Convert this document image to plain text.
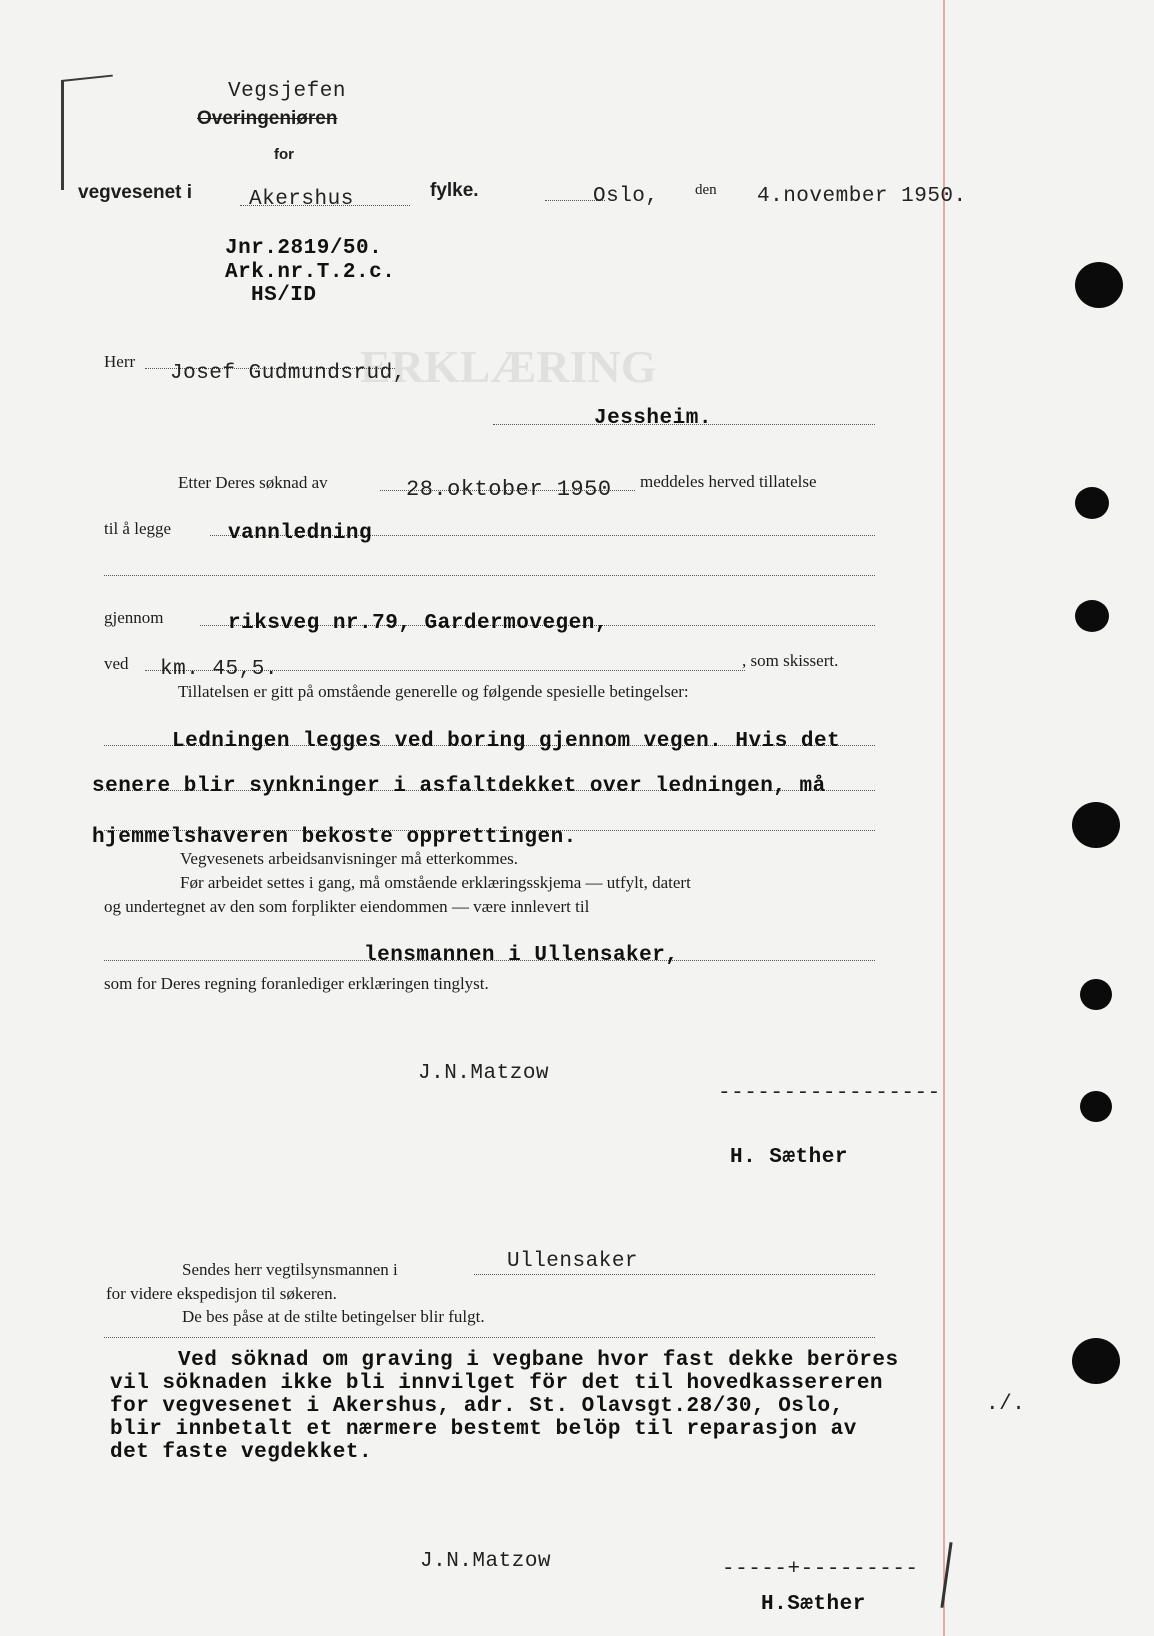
ERKLÆRING
Vegsjefen
Overingeniøren
for
vegvesenet i	Akershus	fylke.	Oslo, den 4.november 1950.
Jnr.2819/50.
Ark.nr.T.2.c.
HS/ID
Herr
Josef Gudmundsrud,
Jessheim.
Etter Deres søknad av	28.oktober 1950 meddeles herved tillatelse
til å legge	vannledning
gjennom	riksveg nr.79, Gardermovegen,
ved km. 45,5.	, som skissert.
Tillatelsen er gitt på omstående generelle og følgende spesielle betingelser:
Ledningen legges ved boring gjennom vegen. Hvis det
senere blir synkninger i asfaltdekket over ledningen, må
hjemmelshaveren bekoste opprettingen.
Vegvesenets arbeidsanvisninger må etterkommes.
Før arbeidet settes i gang, må omstående erklæringsskjema — utfylt, datert
og undertegnet av den som forplikter eiendommen — være innlevert til
lensmannen i Ullensaker,
som for Deres regning foranlediger erklæringen tinglyst.
J.N.Matzow
-----------------
H. Sæther
Sendes herr vegtilsynsmannen i	Ullensaker
for videre ekspedisjon til søkeren.
De bes påse at de stilte betingelser blir fulgt.
Ved söknad om graving i vegbane hvor fast dekke beröres
vil söknaden ikke bli innvilget för det til hovedkassereren
for vegvesenet i Akershus, adr. St. Olavsgt.28/30, Oslo,
blir innbetalt et nærmere bestemt belöp til reparasjon av
det faste vegdekket.
./.
J.N.Matzow	-----+---------
H.Sæther
